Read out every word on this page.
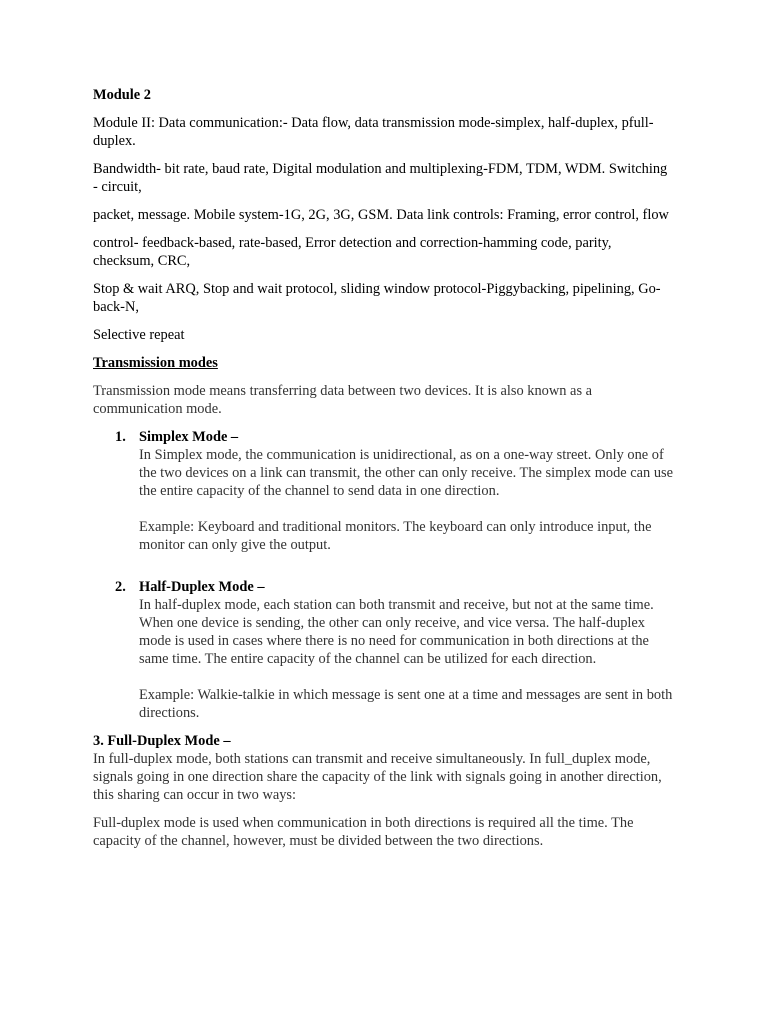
Module 2

Module II: Data communication:- Data flow, data transmission mode-simplex, half-duplex, pfull-duplex.

Bandwidth- bit rate, baud rate, Digital modulation and multiplexing-FDM, TDM, WDM. Switching - circuit,

packet, message. Mobile system-1G, 2G, 3G, GSM. Data link controls: Framing, error control, flow

control- feedback-based, rate-based, Error detection and correction-hamming code, parity, checksum, CRC,

Stop & wait ARQ, Stop and wait protocol, sliding window protocol-Piggybacking, pipelining, Go-back-N,

Selective repeat

Transmission modes

Transmission mode means transferring data between two devices. It is also known as a communication mode.

1. Simplex Mode –
In Simplex mode, the communication is unidirectional, as on a one-way street. Only one of the two devices on a link can transmit, the other can only receive. The simplex mode can use the entire capacity of the channel to send data in one direction.
Example: Keyboard and traditional monitors. The keyboard can only introduce input, the monitor can only give the output.
2. Half-Duplex Mode –
In half-duplex mode, each station can both transmit and receive, but not at the same time. When one device is sending, the other can only receive, and vice versa. The half-duplex mode is used in cases where there is no need for communication in both directions at the same time. The entire capacity of the channel can be utilized for each direction.
Example: Walkie-talkie in which message is sent one at a time and messages are sent in both directions.
3. Full-Duplex Mode –

In full-duplex mode, both stations can transmit and receive simultaneously. In full_duplex mode, signals going in one direction share the capacity of the link with signals going in another direction, this sharing can occur in two ways:

Full-duplex mode is used when communication in both directions is required all the time. The capacity of the channel, however, must be divided between the two directions.
